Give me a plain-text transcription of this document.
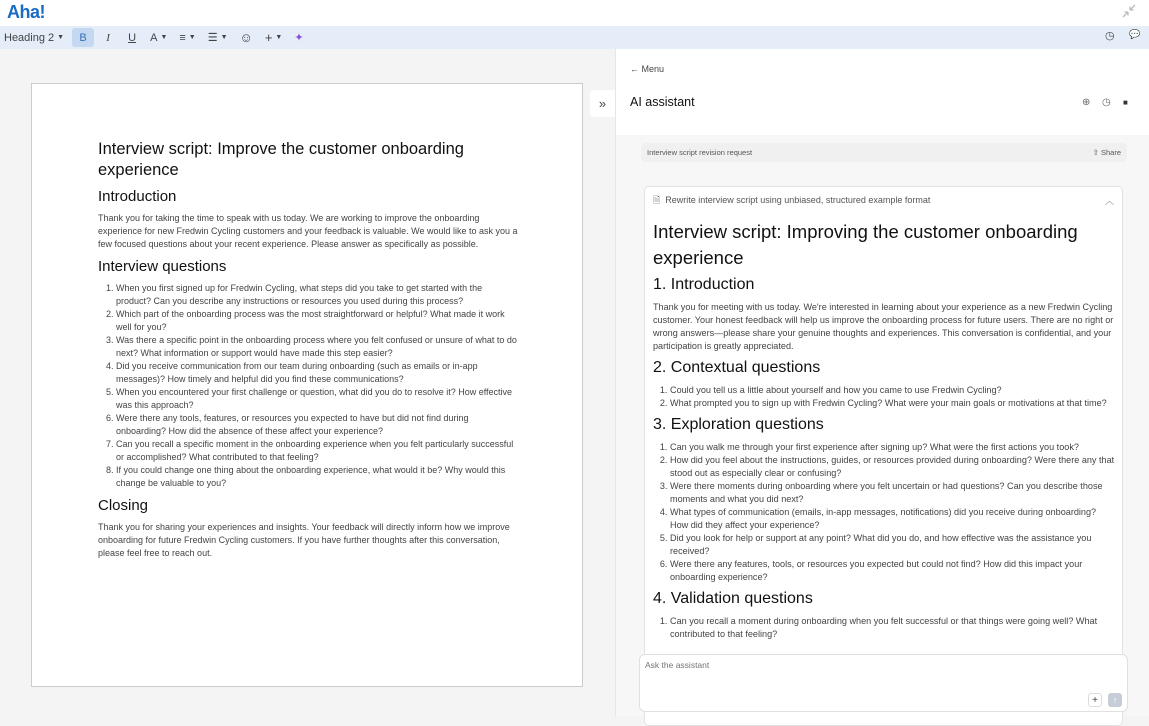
Aha!
Heading 2 ▼	B	I	U	A ▼ ≡ ▼ ☰ ▼ ☺ + ▼	✦	◷ 💬
Interview script: Improve the customer onboarding experience
Introduction

Thank you for taking the time to speak with us today. We are working to improve the onboarding experience for new Fredwin Cycling customers and your feedback is valuable. We would like to ask you a few focused questions about your recent experience. Please answer as specifically as possible.

Interview questions
1. When you first signed up for Fredwin Cycling, what steps did you take to get started with the product? Can you describe any instructions or resources you used during this process?
2. Which part of the onboarding process was the most straightforward or helpful? What made it work well for you?
3. Was there a specific point in the onboarding process where you felt confused or unsure of what to do next? What information or support would have made this step easier?
4. Did you receive communication from our team during onboarding (such as emails or in-app messages)? How timely and helpful did you find these communications?
5. When you encountered your first challenge or question, what did you do to resolve it? How effective was this approach?
6. Were there any tools, features, or resources you expected to have but did not find during onboarding? How did the absence of these affect your experience?
7. Can you recall a specific moment in the onboarding experience when you felt particularly successful or accomplished? What contributed to that feeling?
8. If you could change one thing about the onboarding experience, what would it be? Why would this change be valuable to you?
Closing

Thank you for sharing your experiences and insights. Your feedback will directly inform how we improve onboarding for future Fredwin Cycling customers. If you have further thoughts after this conversation, please feel free to reach out.

»
← Menu
AI assistant	⊕ ◷ ■
Interview script revision request	⇧ Share
🗎 Rewrite interview script using unbiased, structured example format	︿
Interview script: Improving the customer onboarding experience
1. Introduction

Thank you for meeting with us today. We're interested in learning about your experience as a new Fredwin Cycling customer. Your honest feedback will help us improve the onboarding process for future users. There are no right or wrong answers—please share your genuine thoughts and experiences. This conversation is confidential, and your participation is greatly appreciated.

2. Contextual questions
1. Could you tell us a little about yourself and how you came to use Fredwin Cycling?
2. What prompted you to sign up with Fredwin Cycling? What were your main goals or motivations at that time?
3. Exploration questions
1. Can you walk me through your first experience after signing up? What were the first actions you took?
2. How did you feel about the instructions, guides, or resources provided during onboarding? Were there any that stood out as especially clear or confusing?
3. Were there moments during onboarding where you felt uncertain or had questions? Can you describe those moments and what you did next?
4. What types of communication (emails, in-app messages, notifications) did you receive during onboarding? How did they affect your experience?
5. Did you look for help or support at any point? What did you do, and how effective was the assistance you received?
6. Were there any features, tools, or resources you expected but could not find? How did this impact your onboarding experience?
4. Validation questions
1. Can you recall a moment during onboarding when you felt successful or that things were going well? What contributed to that feeling?
Ask the assistant
+	↑
